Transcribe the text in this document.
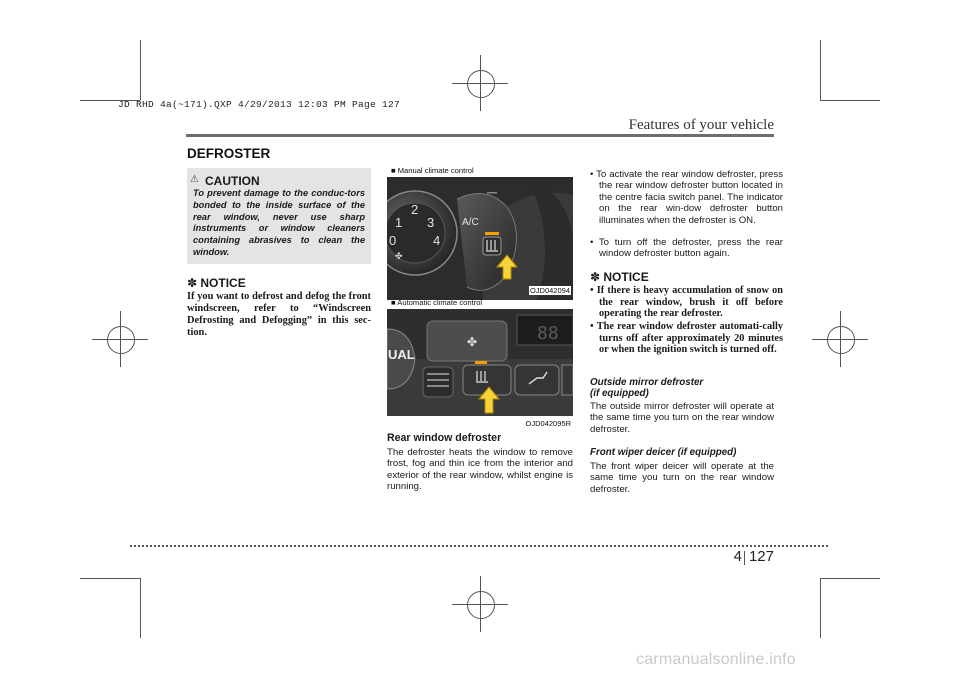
JD RHD 4a(~171).QXP 4/29/2013 12:03 PM Page 127
Features of your vehicle
DEFROSTER
⚠ CAUTION
To prevent damage to the conduc-tors bonded to the inside surface of the rear window, never use sharp instruments or window cleaners containing abrasives to clean the window.
✽ NOTICE
If you want to defrost and defog the front windscreen, refer to “Windscreen Defrosting and Defogging” in this sec-tion.
■ Manual climate control
1
2
3
0	4
✤
A/C
OJD042094
■ Automatic climate control
88
UAL
✤
OJD042095R
Rear window defroster
The defroster heats the window to remove frost, fog and thin ice from the interior and exterior of the rear window, whilst engine is running.
• To activate the rear window defroster, press the rear window defroster button located in the centre facia switch panel. The indicator on the rear win-dow defroster button illuminates when the defroster is ON.
• To turn off the defroster, press the rear window defroster button again.
✽ NOTICE
• If there is heavy accumulation of snow on the rear window, brush it off before operating the rear defroster.
• The rear window defroster automati-cally turns off after approximately 20 minutes or when the ignition switch is turned off.
Outside mirror defroster
(if equipped)
The outside mirror defroster will operate at the same time you turn on the rear window defroster.
Front wiper deicer (if equipped)
The front wiper deicer will operate at the same time you turn on the rear window defroster.
4 127
carmanualsonline.info
